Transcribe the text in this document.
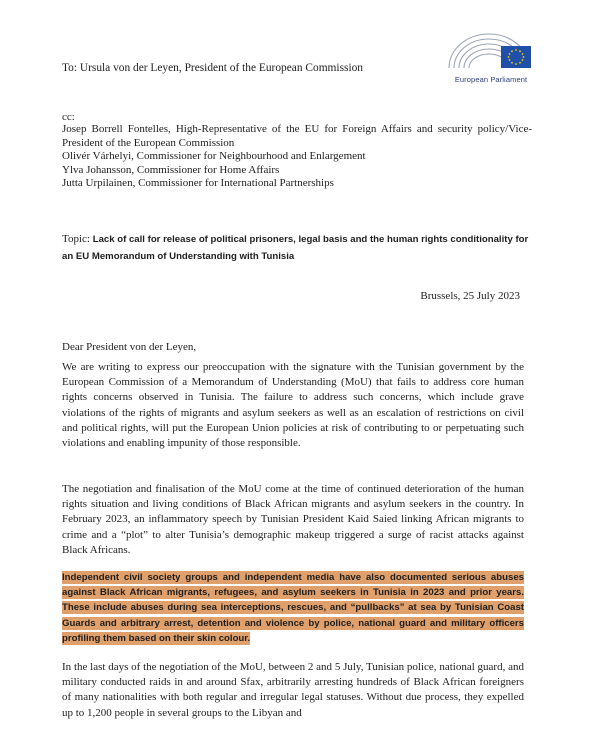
European Parliament
To: Ursula von der Leyen, President of the European Commission
cc:
Josep Borrell Fontelles, High-Representative of the EU for Foreign Affairs and security policy/Vice-President of the European Commission
Olivér Várhelyi, Commissioner for Neighbourhood and Enlargement
Ylva Johansson, Commissioner for Home Affairs
Jutta Urpilainen, Commissioner for International Partnerships
Topic: Lack of call for release of political prisoners, legal basis and the human rights conditionality for an EU Memorandum of Understanding with Tunisia
Brussels, 25 July 2023
Dear President von der Leyen,
We are writing to express our preoccupation with the signature with the Tunisian government by the European Commission of a Memorandum of Understanding (MoU) that fails to address core human rights concerns observed in Tunisia. The failure to address such concerns, which include grave violations of the rights of migrants and asylum seekers as well as an escalation of restrictions on civil and political rights, will put the European Union policies at risk of contributing to or perpetuating such violations and enabling impunity of those responsible.
The negotiation and finalisation of the MoU come at the time of continued deterioration of the human rights situation and living conditions of Black African migrants and asylum seekers in the country. In February 2023, an inflammatory speech by Tunisian President Kaid Saied linking African migrants to crime and a “plot” to alter Tunisia’s demographic makeup triggered a surge of racist attacks against Black Africans.
Independent civil society groups and independent media have also documented serious abuses against Black African migrants, refugees, and asylum seekers in Tunisia in 2023 and prior years. These include abuses during sea interceptions, rescues, and “pullbacks” at sea by Tunisian Coast Guards and arbitrary arrest, detention and violence by police, national guard and military officers profiling them based on their skin colour.
In the last days of the negotiation of the MoU, between 2 and 5 July, Tunisian police, national guard, and military conducted raids in and around Sfax, arbitrarily arresting hundreds of Black African foreigners of many nationalities with both regular and irregular legal statuses. Without due process, they expelled up to 1,200 people in several groups to the Libyan and
